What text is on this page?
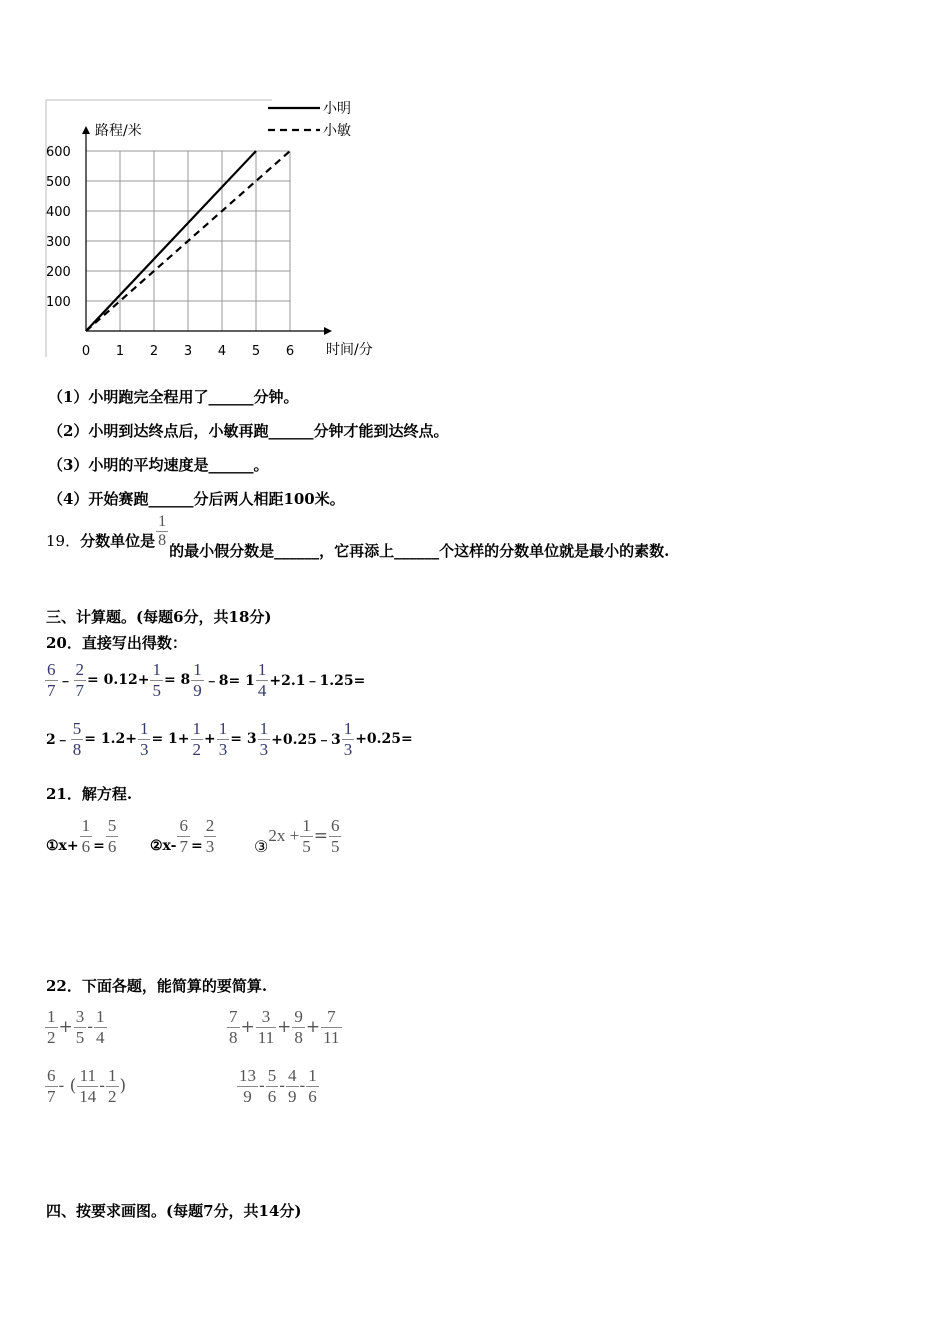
路程/米
时间/分
0 1 2 3 4 5 6
100
200
300
400
500
600
小明
小敏
（1）小明跑完全程用了______分钟。
（2）小明到达终点后，小敏再跑______分钟才能到达终点。
（3）小明的平均速度是______。
（4）开始赛跑______分后两人相距100米。
19． 分数单位是 $\frac{1}{8}$
的最小假分数是______，它再添上______个这样的分数单位就是最小的素数.
三、计算题。(每题6分，共18分)
20．直接写出得数：
$\frac{6}{7}$ ﹣ $\frac{2}{7} = 0.12+ \frac{1}{5} = 8 \frac{1}{9}$ ﹣8= $1 \frac{1}{4}$ +2.1﹣1.25=
2﹣ $\frac{5}{8} = 1.2+ \frac{1}{3} = 1+ \frac{1}{2} + \frac{1}{3} = 3 \frac{1}{3}$ +0.25﹣3 $\frac{1}{3} +0.25=$
21．解方程.
①x+ $\frac{1}{6} = \frac{5}{6}$ ②x- $\frac{6}{7} = \frac{2}{3}$ ③
$2x + \frac{1}{5} = \frac{6}{5}$
22．下面各题，能简算的要简算.
$\frac{1}{2} + \frac{3}{5} - \frac{1}{4}$	$\frac{7}{8} + \frac{3}{11} + \frac{9}{8} + \frac{7}{11}$
$\frac{6}{7}$ - ( $\frac{11}{14} - \frac{1}{2}$ )	$\frac{13}{9} - \frac{5}{6} - \frac{4}{9} - \frac{1}{6}$
四、按要求画图。(每题7分，共14分)
